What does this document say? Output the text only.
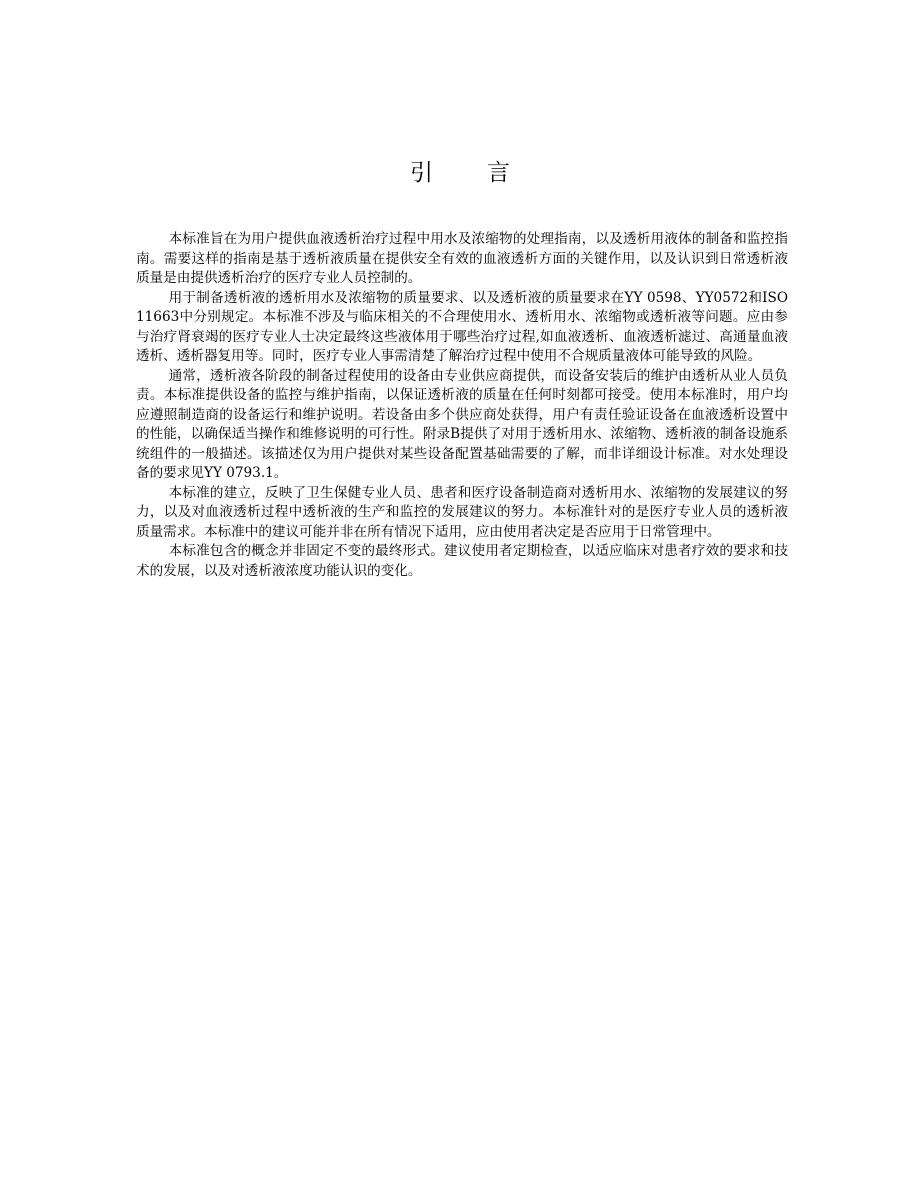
引 言

本标准旨在为用户提供血液透析治疗过程中用水及浓缩物的处理指南，以及透析用液体的制备和监控指南。需要这样的指南是基于透析液质量在提供安全有效的血液透析方面的关键作用，以及认识到日常透析液质量是由提供透析治疗的医疗专业人员控制的。

用于制备透析液的透析用水及浓缩物的质量要求、以及透析液的质量要求在YY 0598、YY0572和ISO 11663中分别规定。本标准不涉及与临床相关的不合理使用水、透析用水、浓缩物或透析液等问题。应由参与治疗肾衰竭的医疗专业人士决定最终这些液体用于哪些治疗过程,如血液透析、血液透析滤过、高通量血液透析、透析器复用等。同时，医疗专业人事需清楚了解治疗过程中使用不合规质量液体可能导致的风险。

通常，透析液各阶段的制备过程使用的设备由专业供应商提供，而设备安装后的维护由透析从业人员负责。本标准提供设备的监控与维护指南，以保证透析液的质量在任何时刻都可接受。使用本标准时，用户均应遵照制造商的设备运行和维护说明。若设备由多个供应商处获得，用户有责任验证设备在血液透析设置中的性能，以确保适当操作和维修说明的可行性。附录B提供了对用于透析用水、浓缩物、透析液的制备设施系统组件的一般描述。该描述仅为用户提供对某些设备配置基础需要的了解，而非详细设计标准。对水处理设备的要求见YY 0793.1。

本标准的建立，反映了卫生保健专业人员、患者和医疗设备制造商对透析用水、浓缩物的发展建议的努力，以及对血液透析过程中透析液的生产和监控的发展建议的努力。本标准针对的是医疗专业人员的透析液质量需求。本标准中的建议可能并非在所有情况下适用，应由使用者决定是否应用于日常管理中。

本标准包含的概念并非固定不变的最终形式。建议使用者定期检查，以适应临床对患者疗效的要求和技术的发展，以及对透析液浓度功能认识的变化。
